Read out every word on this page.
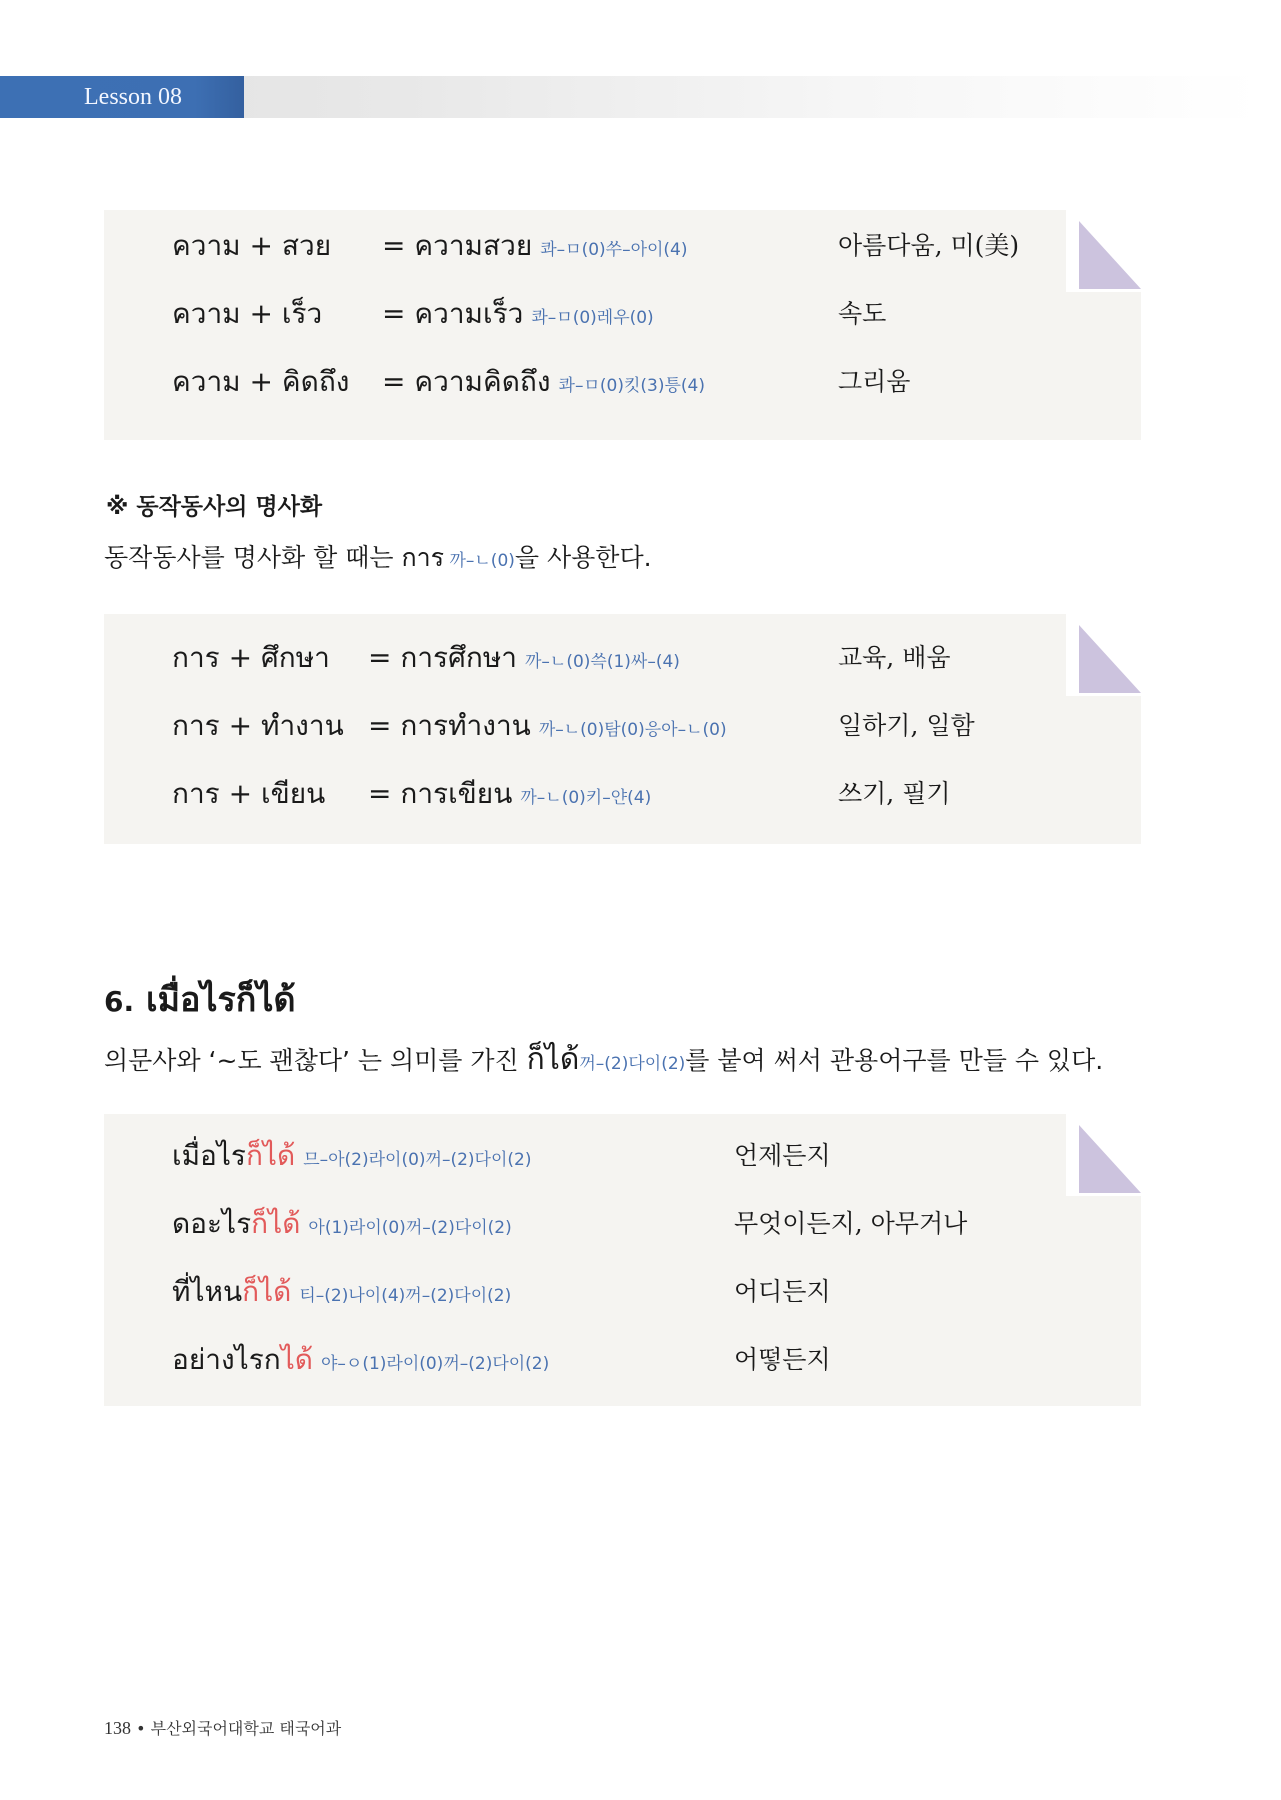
Lesson 08
ความ + สวย = ความสวย 콰–ㅁ(0)쑤–아이(4)	아름다움, 미(美)
ความ + เร็ว = ความเร็ว 콰–ㅁ(0)레우(0)	속도
ความ + คิดถึง = ความคิดถึง 콰–ㅁ(0)킷(3)틍(4)	그리움
※ 동작동사의 명사화
동작동사를 명사화 할 때는 การ 까–ㄴ(0)을 사용한다.
การ + ศึกษา = การศึกษา 까–ㄴ(0)쓱(1)싸–(4)	교육, 배움
การ + ทำงาน = การทำงาน 까–ㄴ(0)탐(0)응아–ㄴ(0)	일하기, 일함
การ + เขียน = การเขียน 까–ㄴ(0)키–얀(4)	쓰기, 필기
6. เมื่อไรก็ได้
의문사와 ‘~도 괜찮다’ 는 의미를 가진 ก็ได้꺼–(2)다이(2)를 붙여 써서 관용어구를 만들 수 있다.
เมื่อไรก็ได้ 므–아(2)라이(0)꺼–(2)다이(2)	언제든지
ดอะไรก็ได้ 아(1)라이(0)꺼–(2)다이(2)	무엇이든지, 아무거나
ที่ไหนก็ได้ 티–(2)나이(4)꺼–(2)다이(2)	어디든지
อย่างไรกได้ 야–ㅇ(1)라이(0)꺼–(2)다이(2)	어떻든지
138 • 부산외국어대학교 태국어과
